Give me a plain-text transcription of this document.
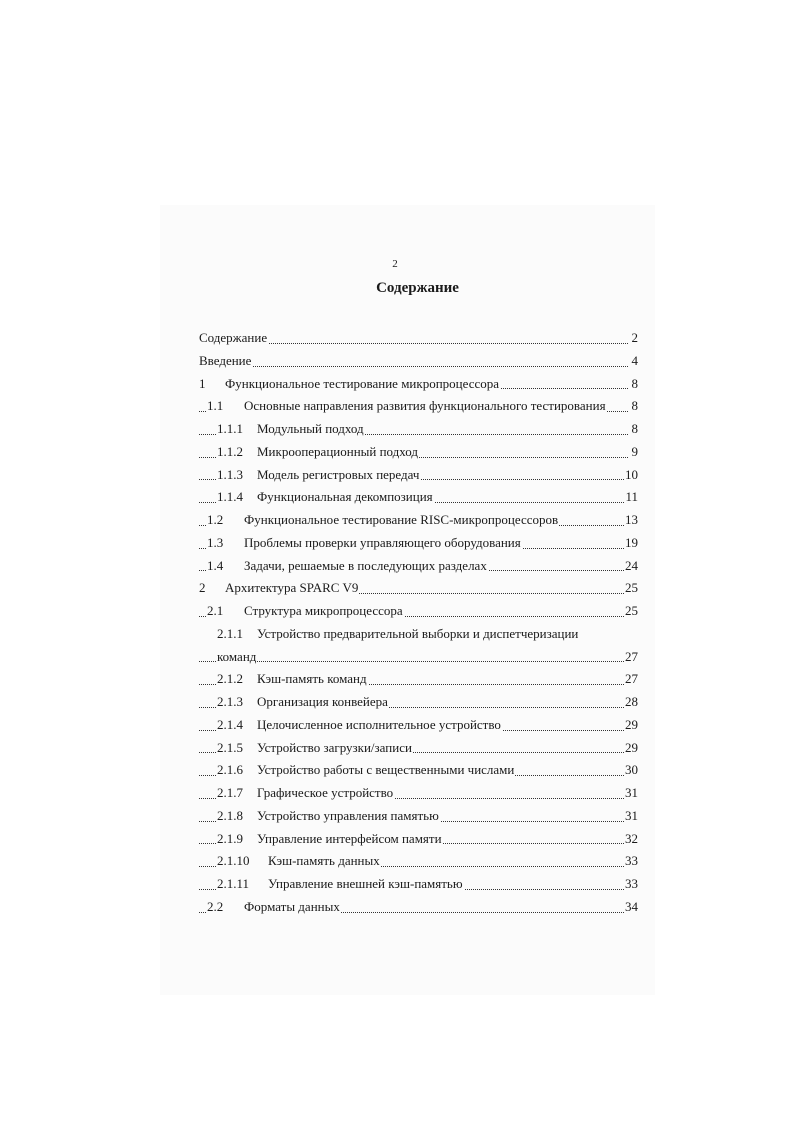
2
Содержание
Содержание	2
Введение	4
1 Функциональное тестирование микропроцессора	8
1.1 Основные направления развития функционального тестирования 8
1.1.1 Модульный подход	8
1.1.2 Микрооперационный подход	9
1.1.3 Модель регистровых передач	10
1.1.4 Функциональная декомпозиция	11
1.2 Функциональное тестирование RISC-микропроцессоров	13
1.3 Проблемы проверки управляющего оборудования	19
1.4 Задачи, решаемые в последующих разделах	24
2 Архитектура SPARC V9	25
2.1 Структура микропроцессора	25
2.1.1 Устройство предварительной выборки и диспетчеризации
команд	27
2.1.2 Кэш-память команд	27
2.1.3 Организация конвейера	28
2.1.4 Целочисленное исполнительное устройство	29
2.1.5 Устройство загрузки/записи	29
2.1.6 Устройство работы с вещественными числами	30
2.1.7 Графическое устройство	31
2.1.8 Устройство управления памятью	31
2.1.9 Управление интерфейсом памяти	32
2.1.10 Кэш-память данных	33
2.1.11 Управление внешней кэш-памятью	33
2.2 Форматы данных	34
